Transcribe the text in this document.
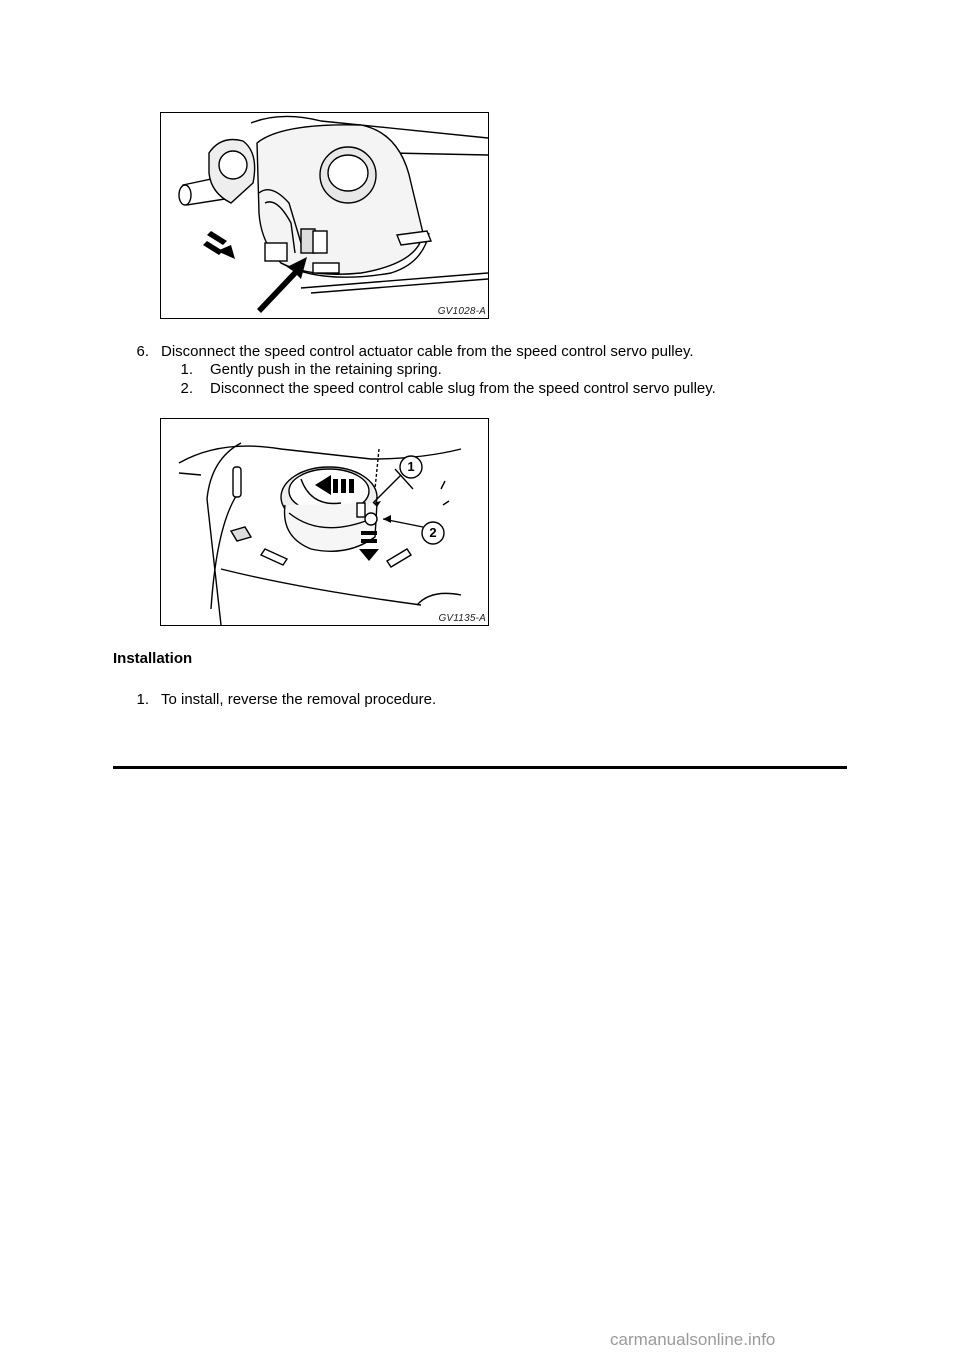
GV1028-A
6. Disconnect the speed control actuator cable from the speed control servo pulley.
1. Gently push in the retaining spring.
2. Disconnect the speed control cable slug from the speed control servo pulley.
1
2
GV1135-A
Installation
1. To install, reverse the removal procedure.
carmanualsonline.info
